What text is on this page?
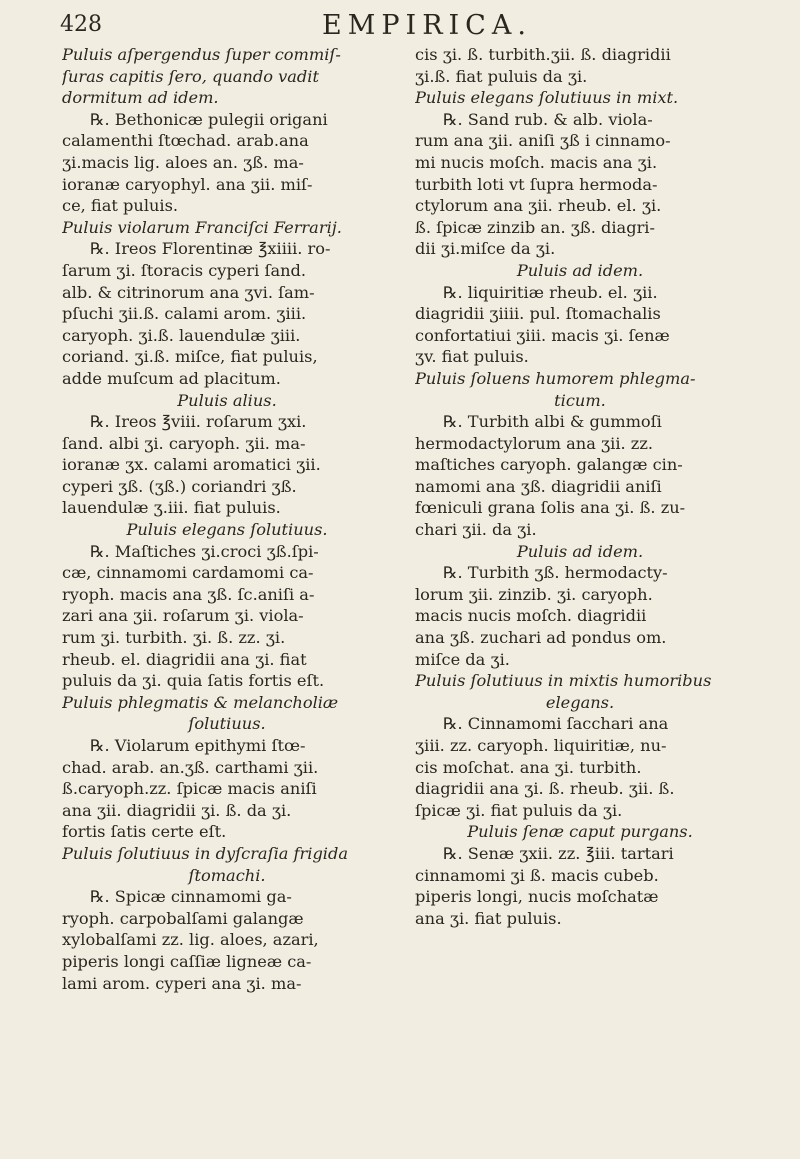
428	EMPIRICA.
Puluis aſpergendus ſuper commiſ-
ſuras capitis ſero, quando vadit
dormitum ad idem.
℞. Bethonicæ pulegii origani
calamenthi ſtœchad. arab.ana
ʒi.macis lig. aloes an. ʒß. ma-
ioranæ caryophyl. ana ʒii. miſ-
ce, fiat puluis.
Puluis violarum Franciſci Ferrarij.
℞. Ireos Florentinæ ℥xiiii. ro-
ſarum ʒi. ſtoracis cyperi ſand.
alb. & citrinorum ana ʒvi. ſam-
pſuchi ʒii.ß. calami arom. ʒiii.
caryoph. ʒi.ß. lauendulæ ʒiii.
coriand. ʒi.ß. miſce, fiat puluis,
adde muſcum ad placitum.
Puluis alius.
℞. Ireos ℥viii. roſarum ʒxi.
ſand. albi ʒi. caryoph. ʒii. ma-
ioranæ ʒx. calami aromatici ʒii.
cyperi ʒß. (ʒß.) coriandri ʒß.
lauendulæ ʒ.iii. fiat puluis.
Puluis elegans ſolutiuus.
℞. Maſtiches ʒi.croci ʒß.ſpi-
cæ, cinnamomi cardamomi ca-
ryoph. macis ana ʒß. ſc.aniſi a-
zari ana ʒii. roſarum ʒi. viola-
rum ʒi. turbith. ʒi. ß. zz. ʒi.
rheub. el. diagridii ana ʒi. fiat
puluis da ʒi. quia ſatis fortis eſt.
Puluis phlegmatis & melancholiæ
ſolutiuus.
℞. Violarum epithymi ſtœ-
chad. arab. an.ʒß. carthami ʒii.
ß.caryoph.zz. ſpicæ macis aniſi
ana ʒii. diagridii ʒi. ß. da ʒi.
fortis ſatis certe eſt.
Puluis ſolutiuus in dyſcraſia frigida
ſtomachi.
℞. Spicæ cinnamomi ga-
ryoph. carpobalſami galangæ
xylobalſami zz. lig. aloes, azari,
piperis longi caſſiæ ligneæ ca-
lami arom. cyperi ana ʒi. ma-
cis ʒi. ß. turbith.ʒii. ß. diagridii
ʒi.ß. fiat puluis da ʒi.
Puluis elegans ſolutiuus in mixt.
℞. Sand rub. & alb. viola-
rum ana ʒii. aniſi ʒß i cinnamo-
mi nucis moſch. macis ana ʒi.
turbith loti vt ſupra hermoda-
ctylorum ana ʒii. rheub. el. ʒi.
ß. ſpicæ zinzib an. ʒß. diagri-
dii ʒi.miſce da ʒi.
Puluis ad idem.
℞. liquiritiæ rheub. el. ʒii.
diagridii ʒiiii. pul. ſtomachalis
confortatiui ʒiii. macis ʒi. ſenæ
ʒv. fiat puluis.
Puluis ſoluens humorem phlegma-
ticum.
℞. Turbith albi & gummoſi
hermodactylorum ana ʒii. zz.
maſtiches caryoph. galangæ cin-
namomi ana ʒß. diagridii aniſi
fœniculi grana ſolis ana ʒi. ß. zu-
chari ʒii. da ʒi.
Puluis ad idem.
℞. Turbith ʒß. hermodacty-
lorum ʒii. zinzib. ʒi. caryoph.
macis nucis moſch. diagridii
ana ʒß. zuchari ad pondus om.
miſce da ʒi.
Puluis ſolutiuus in mixtis humoribus
elegans.
℞. Cinnamomi ſacchari ana
ʒiii. zz. caryoph. liquiritiæ, nu-
cis moſchat. ana ʒi. turbith.
diagridii ana ʒi. ß. rheub. ʒii. ß.
ſpicæ ʒi. fiat puluis da ʒi.
Puluis ſenæ caput purgans.
℞. Senæ ʒxii. zz. ℥iii. tartari
cinnamomi ʒi ß. macis cubeb.
piperis longi, nucis moſchatæ
ana ʒi. fiat puluis.
